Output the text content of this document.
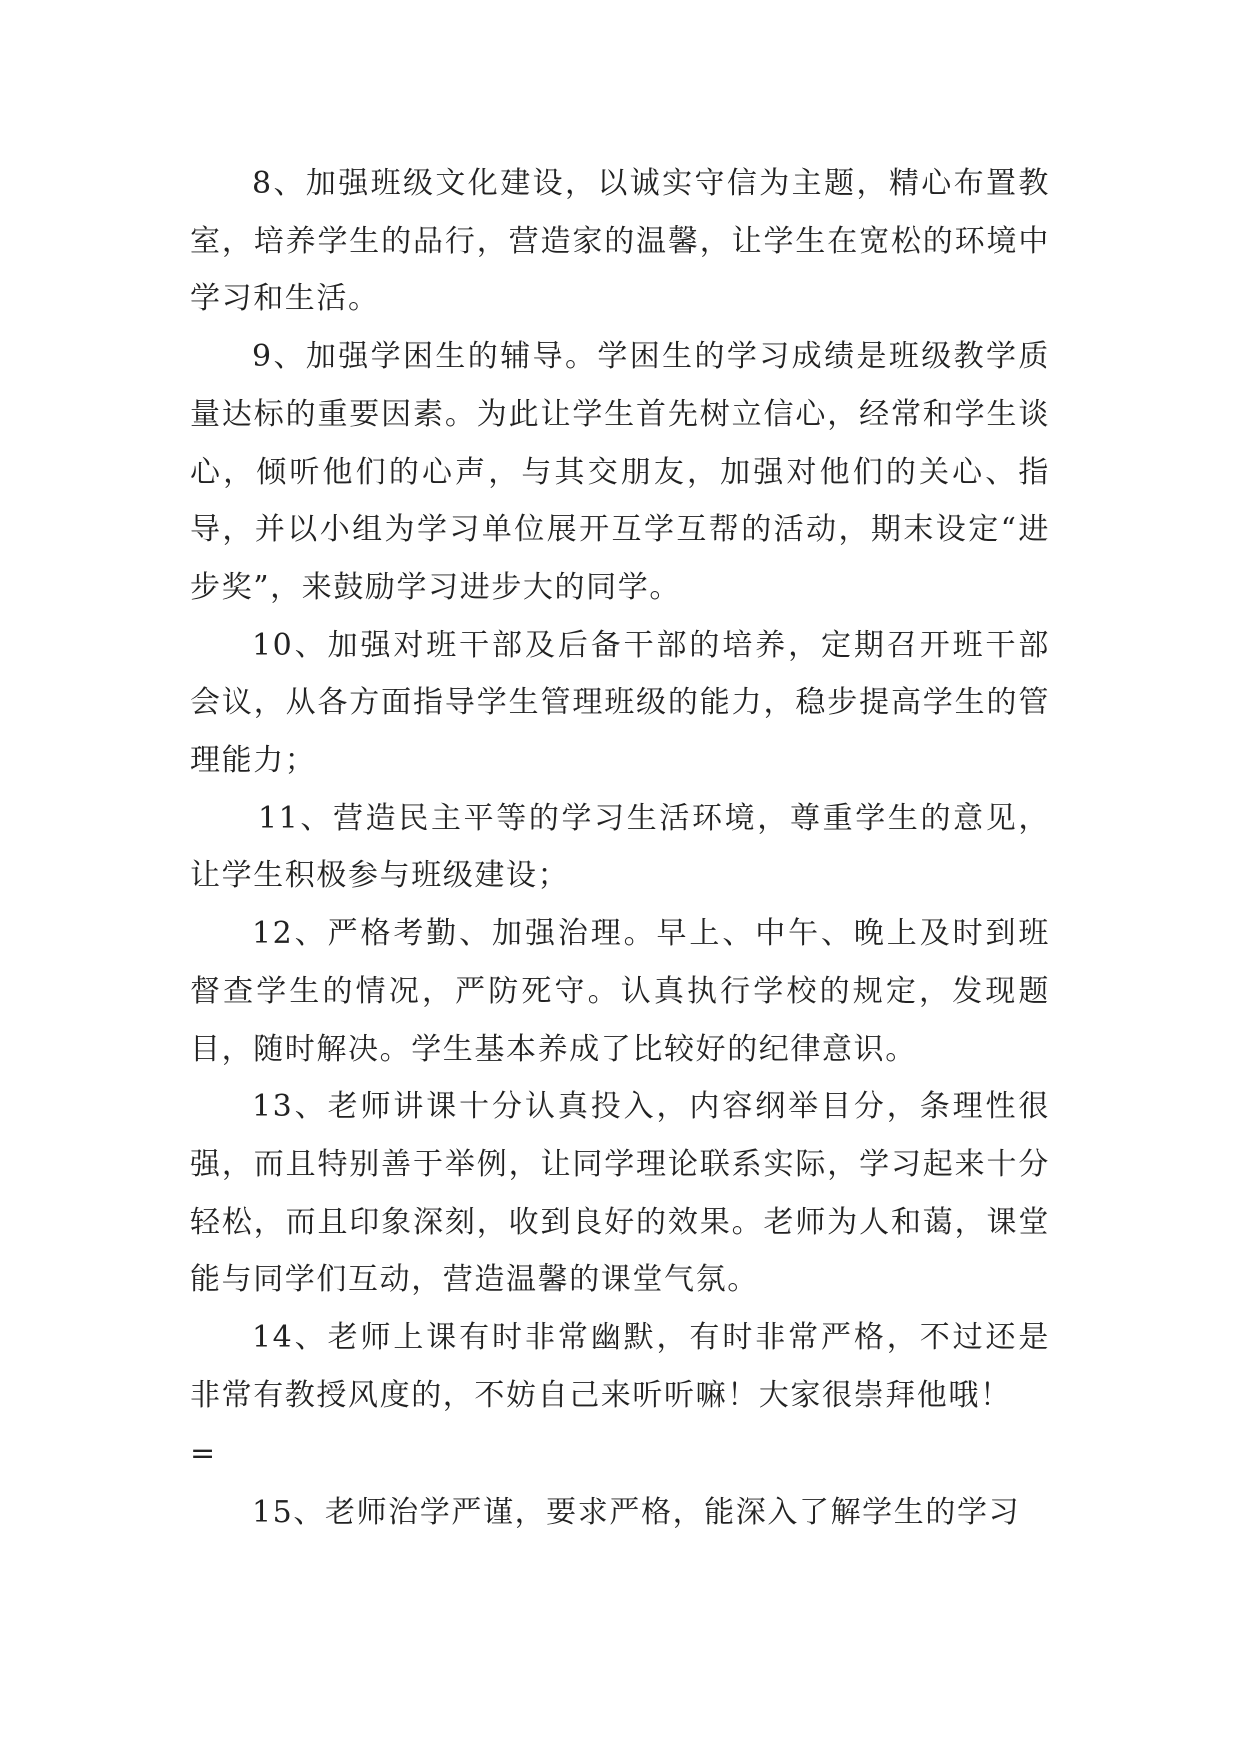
8、加强班级文化建设，以诚实守信为主题，精心布置教室，培养学生的品行，营造家的温馨，让学生在宽松的环境中学习和生活。

9、加强学困生的辅导。学困生的学习成绩是班级教学质量达标的重要因素。为此让学生首先树立信心，经常和学生谈心，倾听他们的心声，与其交朋友，加强对他们的关心、指导，并以小组为学习单位展开互学互帮的活动，期末设定“进步奖”，来鼓励学习进步大的同学。

10、加强对班干部及后备干部的培养，定期召开班干部会议，从各方面指导学生管理班级的能力，稳步提高学生的管理能力；

11、营造民主平等的学习生活环境，尊重学生的意见，让学生积极参与班级建设；

12、严格考勤、加强治理。早上、中午、晚上及时到班督查学生的情况，严防死守。认真执行学校的规定，发现题目，随时解决。学生基本养成了比较好的纪律意识。

13、老师讲课十分认真投入，内容纲举目分，条理性很强，而且特别善于举例，让同学理论联系实际，学习起来十分轻松，而且印象深刻，收到良好的效果。老师为人和蔼，课堂能与同学们互动，营造温馨的课堂气氛。

14、老师上课有时非常幽默，有时非常严格，不过还是非常有教授风度的，不妨自己来听听嘛！大家很崇拜他哦！

=

15、老师治学严谨，要求严格，能深入了解学生的学习
